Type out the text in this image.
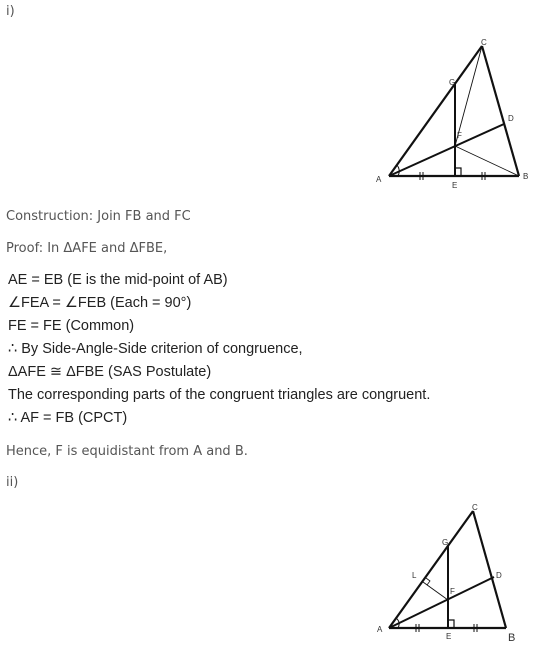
i)
A	B
C
D
E
F
G
Construction: Join FB and FC
Proof: In ΔAFE and ΔFBE,
AE = EB (E is the mid-point of AB)
∠FEA = ∠FEB (Each = 90°)
FE = FE (Common)
∴ By Side-Angle-Side criterion of congruence,
ΔAFE ≅ ΔFBE (SAS Postulate)
The corresponding parts of the congruent triangles are congruent.
∴ AF = FB (CPCT)
Hence, F is equidistant from A and B.
ii)
A
B
C
D
E
F
G
L
